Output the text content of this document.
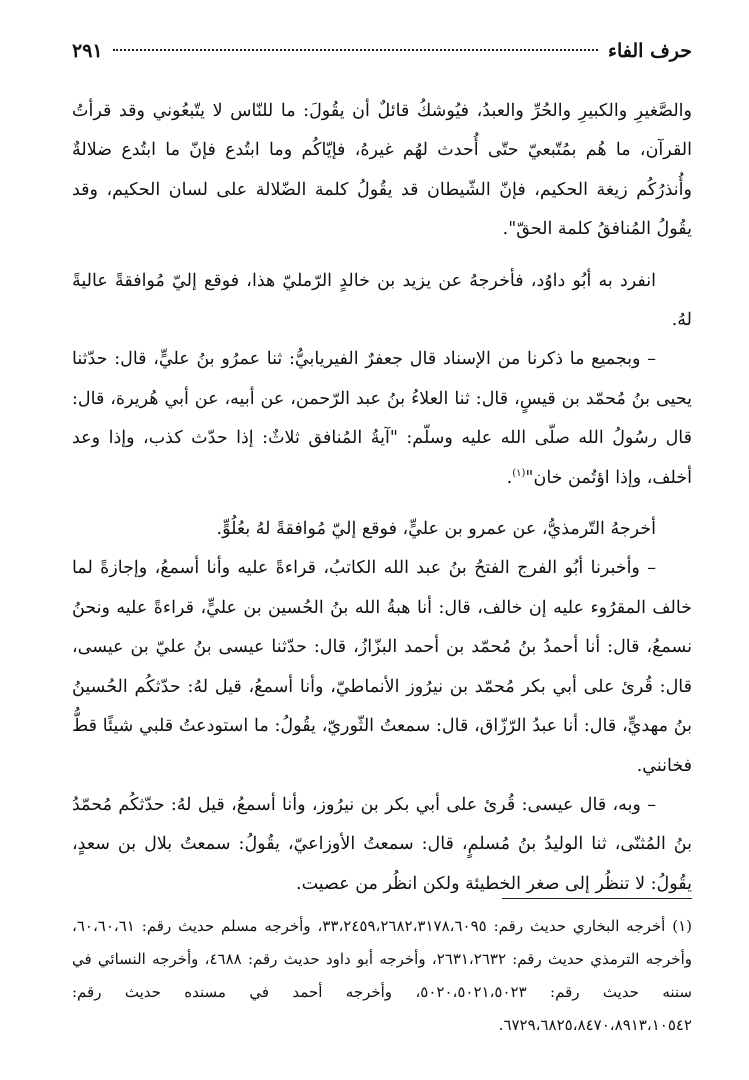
حرف الفاء
٢٩١

والصَّغيرِ والكبيرِ والحُرِّ والعبدُ، فيُوشكُ قائلٌ أن يقُولَ: ما للنّاس لا يتّبعُوني وقد قرأتُ القرآن، ما هُم بمُتّبعيّ حتّى أُحدث لهُم غيرهُ، فإيّاكُم وما ابتُدع فإنّ ما ابتُدع ضلالةٌ وأُنذرُكُم زيغة الحكيم، فإنّ الشّيطان قد يقُولُ كلمة الضّلالة على لسان الحكيم، وقد يقُولُ المُنافقُ كلمة الحقّ".

انفرد به أبُو داوُد، فأخرجهُ عن يزيد بن خالدٍ الرّمليّ هذا، فوقع إليّ مُوافقةً عاليةً لهُ.

– وبجميع ما ذكرنا من الإسناد قال جعفرٌ الفيريابيُّ: ثنا عمرُو بنُ عليٍّ، قال: حدّثنا يحيى بنُ مُحمّد بن قيسٍ، قال: ثنا العلاءُ بنُ عبد الرّحمن، عن أبيه، عن أبي هُريرة، قال: قال رسُولُ الله صلّى الله عليه وسلّم: "آيةُ المُنافق ثلاثٌ: إذا حدّث كذب، وإذا وعد أخلف، وإذا اؤتُمن خان"$^{(١)}$.

أخرجهُ التّرمذيُّ، عن عمرو بن عليٍّ، فوقع إليّ مُوافقةً لهُ بعُلُوٍّ.

– وأخبرنا أبُو الفرج الفتحُ بنُ عبد الله الكاتبُ، قراءةً عليه وأنا أسمعُ، وإجازةً لما خالف المقرُوء عليه إن خالف، قال: أنا هبةُ الله بنُ الحُسين بن عليٍّ، قراءةً عليه ونحنُ نسمعُ، قال: أنا أحمدُ بنُ مُحمّد بن أحمد البزّازُ، قال: حدّثنا عيسى بنُ عليّ بن عيسى، قال: قُرئ على أبي بكر مُحمّد بن نيرُوز الأنماطيّ، وأنا أسمعُ، قيل لهُ: حدّثكُم الحُسينُ بنُ مهديٍّ، قال: أنا عبدُ الرّزّاق، قال: سمعتُ الثّوريّ، يقُولُ: ما استودعتُ قلبي شيئًا قطُّ فخانني.

– وبه، قال عيسى: قُرئ على أبي بكر بن نيرُوز، وأنا أسمعُ، قيل لهُ: حدّثكُم مُحمّدُ بنُ المُثنّى، ثنا الوليدُ بنُ مُسلمٍ، قال: سمعتُ الأوزاعيّ، يقُولُ: سمعتُ بلال بن سعدٍ، يقُولُ: لا تنظُر إلى صغر الخطيئة ولكن انظُر من عصيت.

(١) أخرجه البخاري حديث رقم: ٣٣،٢٤٥٩،٢٦٨٢،٣١٧٨،٦٠٩٥، وأخرجه مسلم حديث رقم: ٦٠،٦٠،٦١، وأخرجه الترمذي حديث رقم: ٢٦٣١،٢٦٣٢، وأخرجه أبو داود حديث رقم: ٤٦٨٨، وأخرجه النسائي في سننه حديث رقم: ٥٠٢٠،٥٠٢١،٥٠٢٣، وأخرجه أحمد في مسنده حديث رقم: ٦٧٢٩،٦٨٢٥،٨٤٧٠،٨٩١٣،١٠٥٤٢.
